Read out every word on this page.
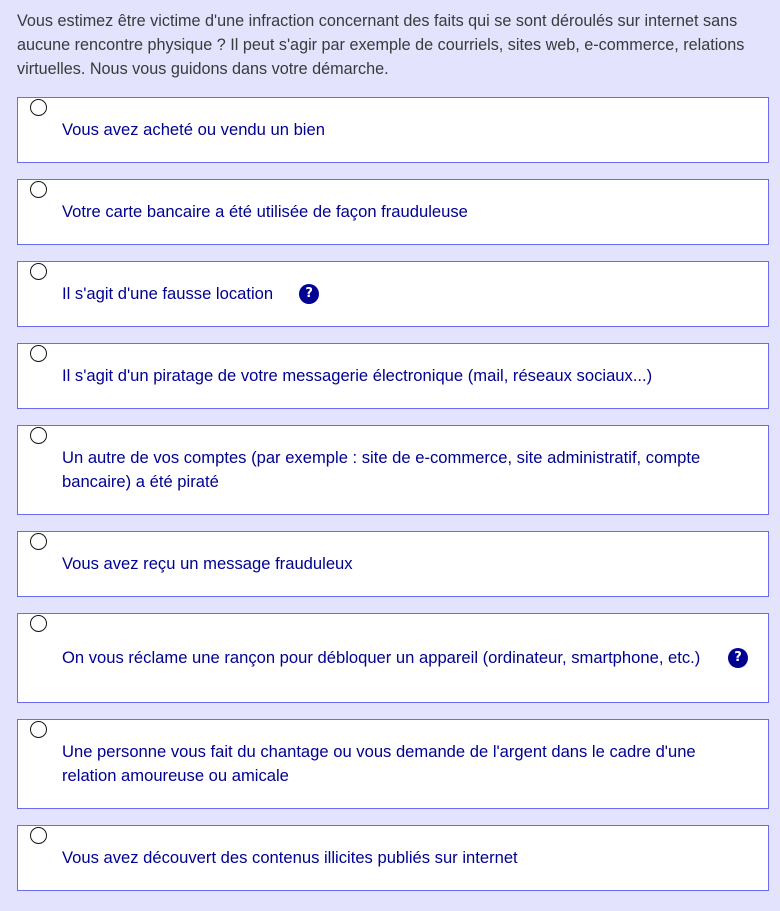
Vous estimez être victime d'une infraction concernant des faits qui se sont déroulés sur internet sans aucune rencontre physique ? Il peut s'agir par exemple de courriels, sites web, e-commerce, relations virtuelles. Nous vous guidons dans votre démarche.

Vous avez acheté ou vendu un bien
Votre carte bancaire a été utilisée de façon frauduleuse
Il s'agit d'une fausse location	?
Il s'agit d'un piratage de votre messagerie électronique (mail, réseaux sociaux...)
Un autre de vos comptes (par exemple : site de e-commerce, site administratif, compte bancaire) a été piraté
Vous avez reçu un message frauduleux
On vous réclame une rançon pour débloquer un appareil (ordinateur, smartphone, etc.)	?
Une personne vous fait du chantage ou vous demande de l'argent dans le cadre d'une relation amoureuse ou amicale
Vous avez découvert des contenus illicites publiés sur internet
